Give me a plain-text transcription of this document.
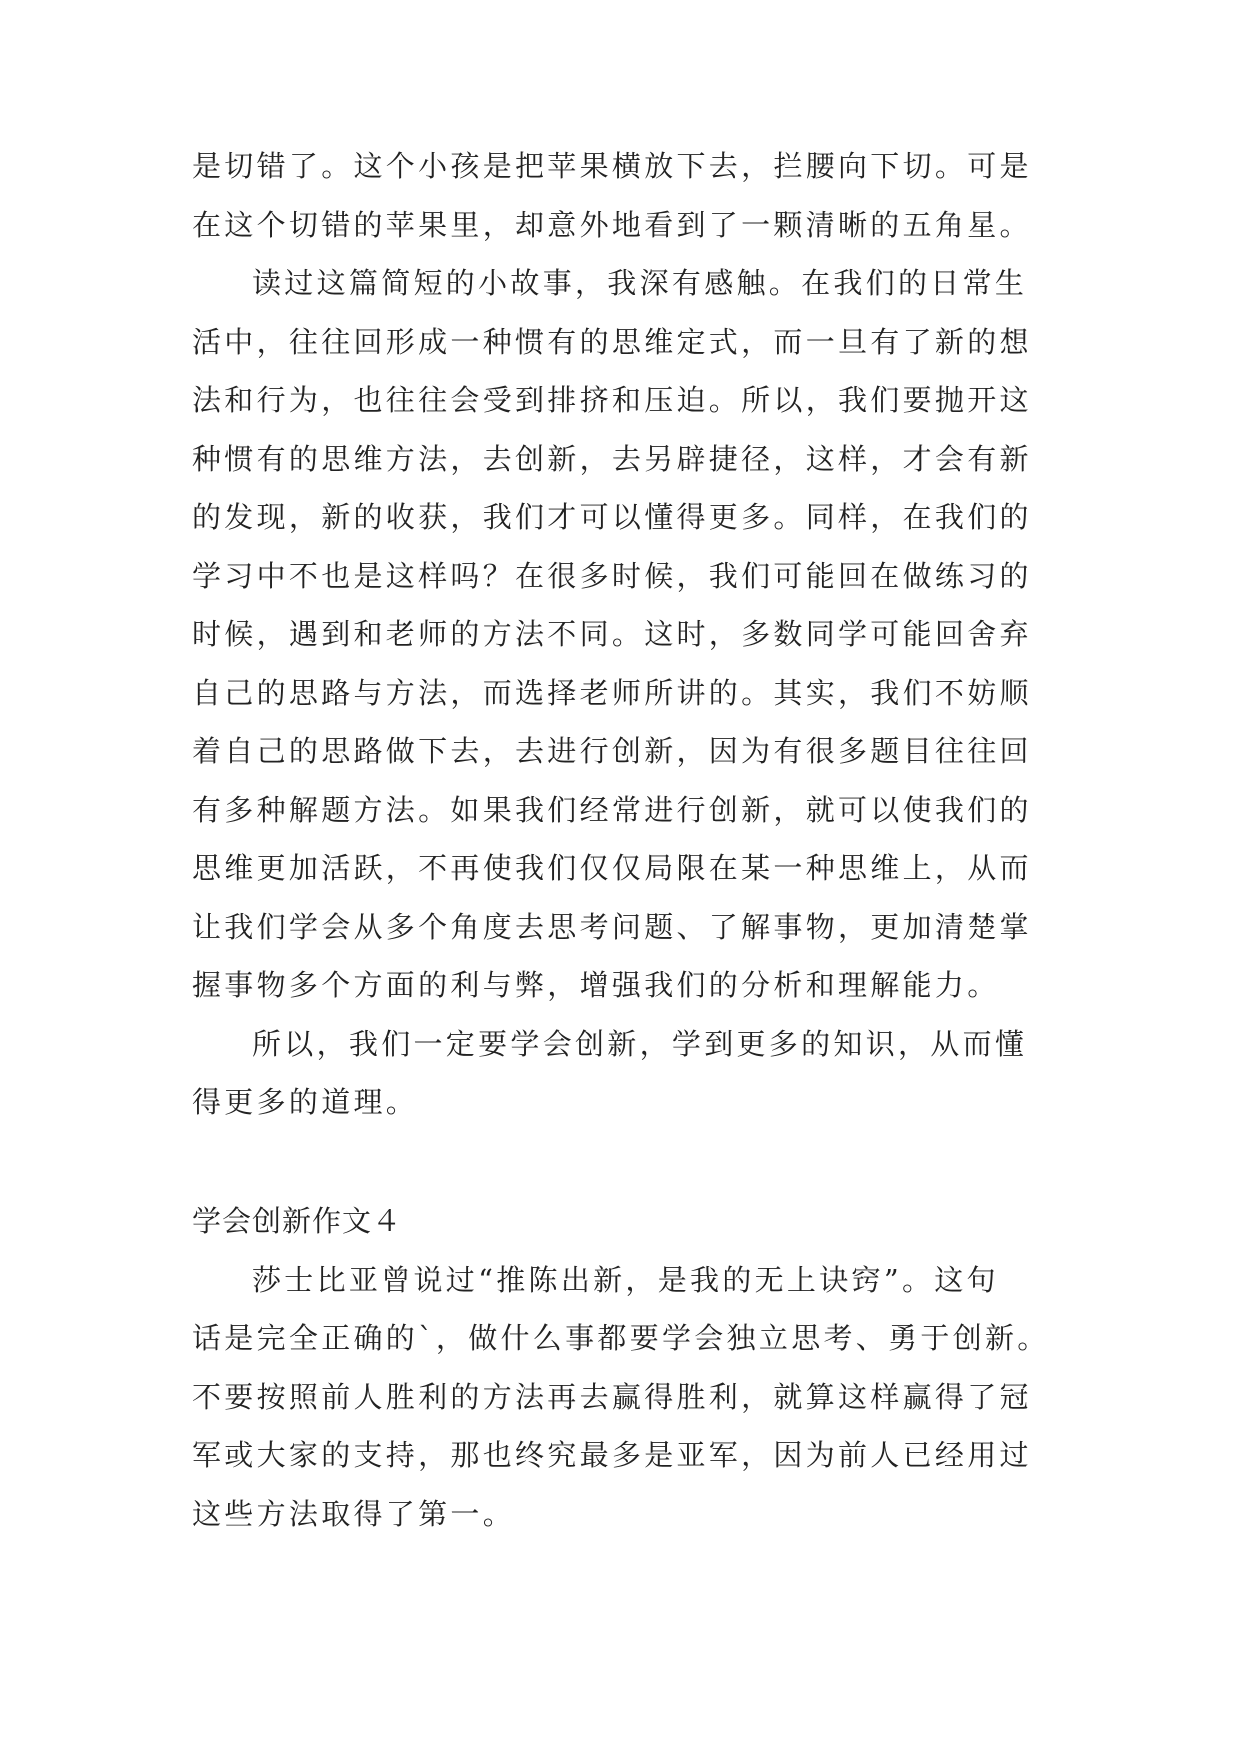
是切错了。这个小孩是把苹果横放下去，拦腰向下切。可是
在这个切错的苹果里，却意外地看到了一颗清晰的五角星。
读过这篇简短的小故事，我深有感触。在我们的日常生
活中，往往回形成一种惯有的思维定式，而一旦有了新的想
法和行为，也往往会受到排挤和压迫。所以，我们要抛开这
种惯有的思维方法，去创新，去另辟捷径，这样，才会有新
的发现，新的收获，我们才可以懂得更多。同样，在我们的
学习中不也是这样吗？在很多时候，我们可能回在做练习的
时候，遇到和老师的方法不同。这时，多数同学可能回舍弃
自己的思路与方法，而选择老师所讲的。其实，我们不妨顺
着自己的思路做下去，去进行创新，因为有很多题目往往回
有多种解题方法。如果我们经常进行创新，就可以使我们的
思维更加活跃，不再使我们仅仅局限在某一种思维上，从而
让我们学会从多个角度去思考问题、了解事物，更加清楚掌
握事物多个方面的利与弊，增强我们的分析和理解能力。
所以，我们一定要学会创新，学到更多的知识，从而懂
得更多的道理。
学会创新作文４
莎士比亚曾说过“推陈出新，是我的无上诀窍”。这句
话是完全正确的`，做什么事都要学会独立思考、勇于创新。
不要按照前人胜利的方法再去赢得胜利，就算这样赢得了冠
军或大家的支持，那也终究最多是亚军，因为前人已经用过
这些方法取得了第一。
